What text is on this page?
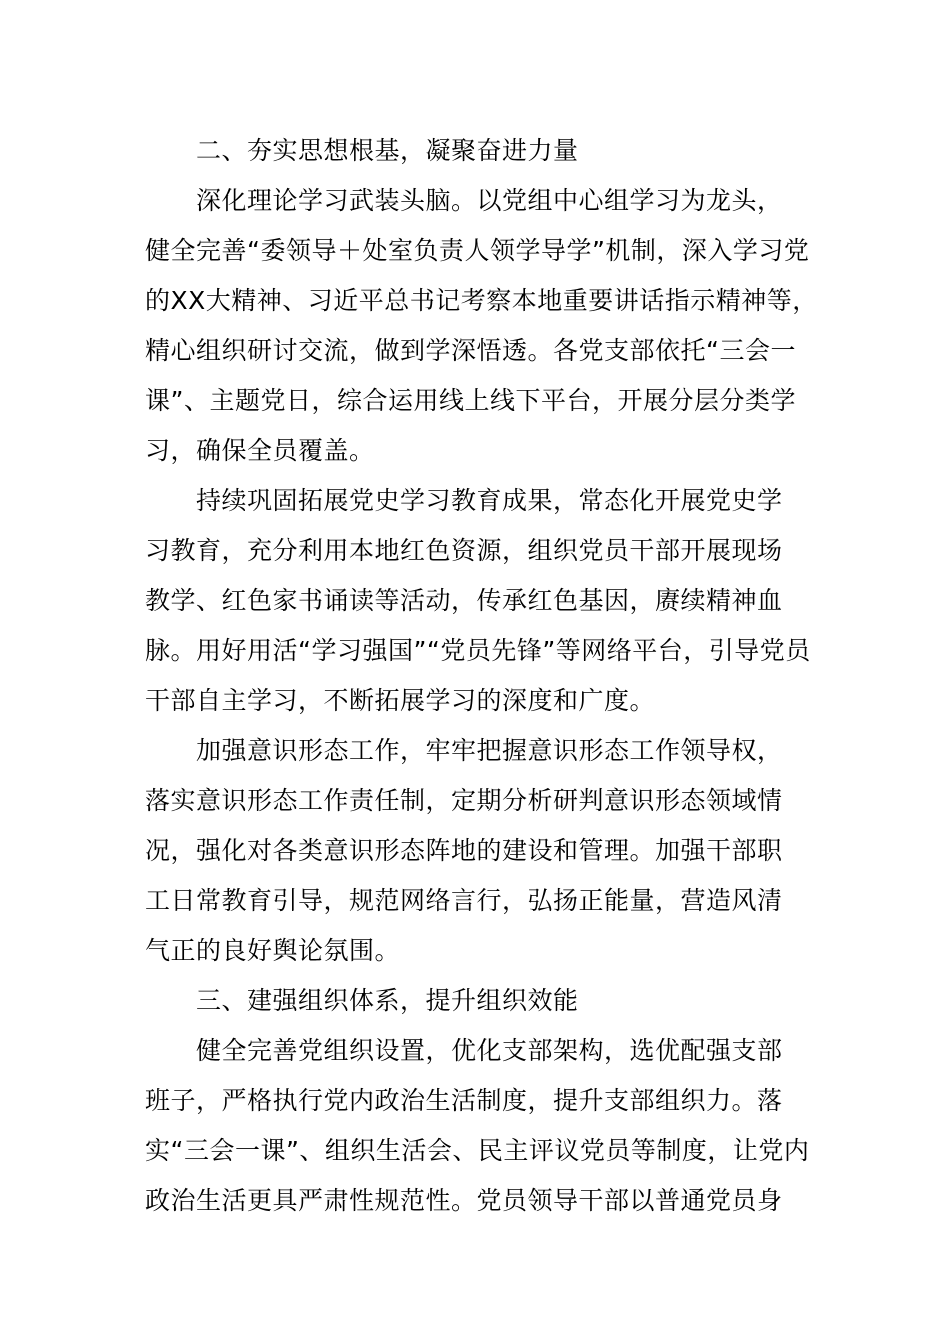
二、夯实思想根基，凝聚奋进力量
深化理论学习武装头脑。以党组中心组学习为龙头，
健全完善“委领导＋处室负责人领学导学”机制，深入学习党
的XX大精神、习近平总书记考察本地重要讲话指示精神等，
精心组织研讨交流，做到学深悟透。各党支部依托“三会一
课”、主题党日，综合运用线上线下平台，开展分层分类学
习，确保全员覆盖。
持续巩固拓展党史学习教育成果，常态化开展党史学
习教育，充分利用本地红色资源，组织党员干部开展现场
教学、红色家书诵读等活动，传承红色基因，赓续精神血
脉。用好用活“学习强国”“党员先锋”等网络平台，引导党员
干部自主学习，不断拓展学习的深度和广度。
加强意识形态工作，牢牢把握意识形态工作领导权，
落实意识形态工作责任制，定期分析研判意识形态领域情
况，强化对各类意识形态阵地的建设和管理。加强干部职
工日常教育引导，规范网络言行，弘扬正能量，营造风清
气正的良好舆论氛围。
三、建强组织体系，提升组织效能
健全完善党组织设置，优化支部架构，选优配强支部
班子，严格执行党内政治生活制度，提升支部组织力。落
实“三会一课”、组织生活会、民主评议党员等制度，让党内
政治生活更具严肃性规范性。党员领导干部以普通党员身
